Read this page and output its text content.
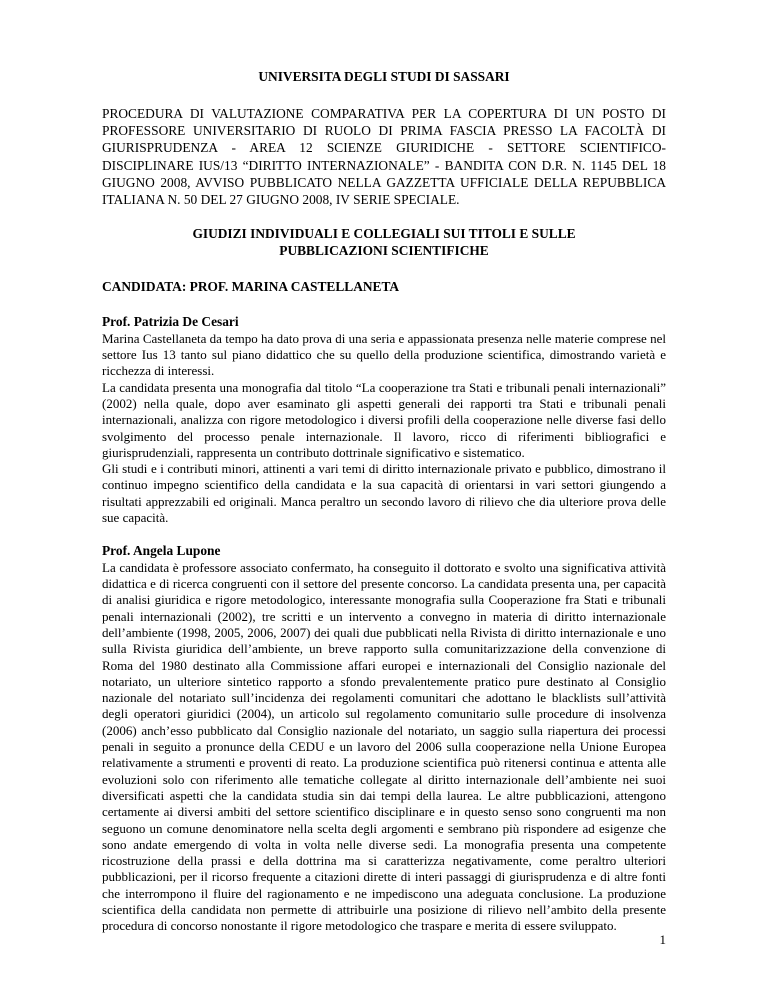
UNIVERSITA DEGLI STUDI DI SASSARI
PROCEDURA DI VALUTAZIONE COMPARATIVA PER LA COPERTURA DI UN POSTO DI PROFESSORE UNIVERSITARIO DI RUOLO DI PRIMA FASCIA PRESSO LA FACOLTÀ DI GIURISPRUDENZA - AREA 12 SCIENZE GIURIDICHE - SETTORE SCIENTIFICO-DISCIPLINARE IUS/13 “DIRITTO INTERNAZIONALE” - BANDITA CON D.R. N. 1145 DEL 18 GIUGNO 2008, AVVISO PUBBLICATO NELLA GAZZETTA UFFICIALE DELLA REPUBBLICA ITALIANA N. 50 DEL 27 GIUGNO 2008, IV SERIE SPECIALE.
GIUDIZI INDIVIDUALI E COLLEGIALI SUI TITOLI E SULLE PUBBLICAZIONI SCIENTIFICHE
CANDIDATA: PROF. MARINA CASTELLANETA
Prof. Patrizia De Cesari
Marina Castellaneta da tempo ha dato prova di una seria e appassionata presenza nelle materie comprese nel settore Ius 13 tanto sul piano didattico che su quello della produzione scientifica, dimostrando varietà e ricchezza di interessi.
La candidata presenta una monografia dal titolo “La cooperazione tra Stati e tribunali penali internazionali” (2002) nella quale, dopo aver esaminato gli aspetti generali dei rapporti tra Stati e tribunali penali internazionali, analizza con rigore metodologico i diversi profili della cooperazione nelle diverse fasi dello svolgimento del processo penale internazionale. Il lavoro, ricco di riferimenti bibliografici e giurisprudenziali, rappresenta un contributo dottrinale significativo e sistematico.
Gli studi e i contributi minori, attinenti a vari temi di diritto internazionale privato e pubblico, dimostrano il continuo impegno scientifico della candidata e la sua capacità di orientarsi in vari settori giungendo a risultati apprezzabili ed originali. Manca peraltro un secondo lavoro di rilievo che dia ulteriore prova delle sue capacità.
Prof. Angela Lupone
La candidata è professore associato confermato, ha conseguito il dottorato e svolto una significativa attività didattica e di ricerca congruenti con il settore del presente concorso. La candidata presenta una, per capacità di analisi giuridica e rigore metodologico, interessante monografia sulla Cooperazione fra Stati e tribunali penali internazionali (2002), tre scritti e un intervento a convegno in materia di diritto internazionale dell’ambiente (1998, 2005, 2006, 2007) dei quali due pubblicati nella Rivista di diritto internazionale e uno sulla Rivista giuridica dell’ambiente, un breve rapporto sulla comunitarizzazione della convenzione di Roma del 1980 destinato alla Commissione affari europei e internazionali del Consiglio nazionale del notariato, un ulteriore sintetico rapporto a sfondo prevalentemente pratico pure destinato al Consiglio nazionale del notariato sull’incidenza dei regolamenti comunitari che adottano le blacklists sull’attività degli operatori giuridici (2004), un articolo sul regolamento comunitario sulle procedure di insolvenza (2006) anch’esso pubblicato dal Consiglio nazionale del notariato, un saggio sulla riapertura dei processi penali in seguito a pronunce della CEDU e un lavoro del 2006 sulla cooperazione nella Unione Europea relativamente a strumenti e proventi di reato. La produzione scientifica può ritenersi continua e attenta alle evoluzioni solo con riferimento alle tematiche collegate al diritto internazionale dell’ambiente nei suoi diversificati aspetti che la candidata studia sin dai tempi della laurea. Le altre pubblicazioni, attengono certamente ai diversi ambiti del settore scientifico disciplinare e in questo senso sono congruenti ma non seguono un comune denominatore nella scelta degli argomenti e sembrano più rispondere ad esigenze che sono andate emergendo di volta in volta nelle diverse sedi. La monografia presenta una competente ricostruzione della prassi e della dottrina ma si caratterizza negativamente, come peraltro ulteriori pubblicazioni, per il ricorso frequente a citazioni dirette di interi passaggi di giurisprudenza e di altre fonti che interrompono il fluire del ragionamento e ne impediscono una adeguata conclusione. La produzione scientifica della candidata non permette di attribuirle una posizione di rilievo nell’ambito della presente procedura di concorso nonostante il rigore metodologico che traspare e merita di essere sviluppato.
1
